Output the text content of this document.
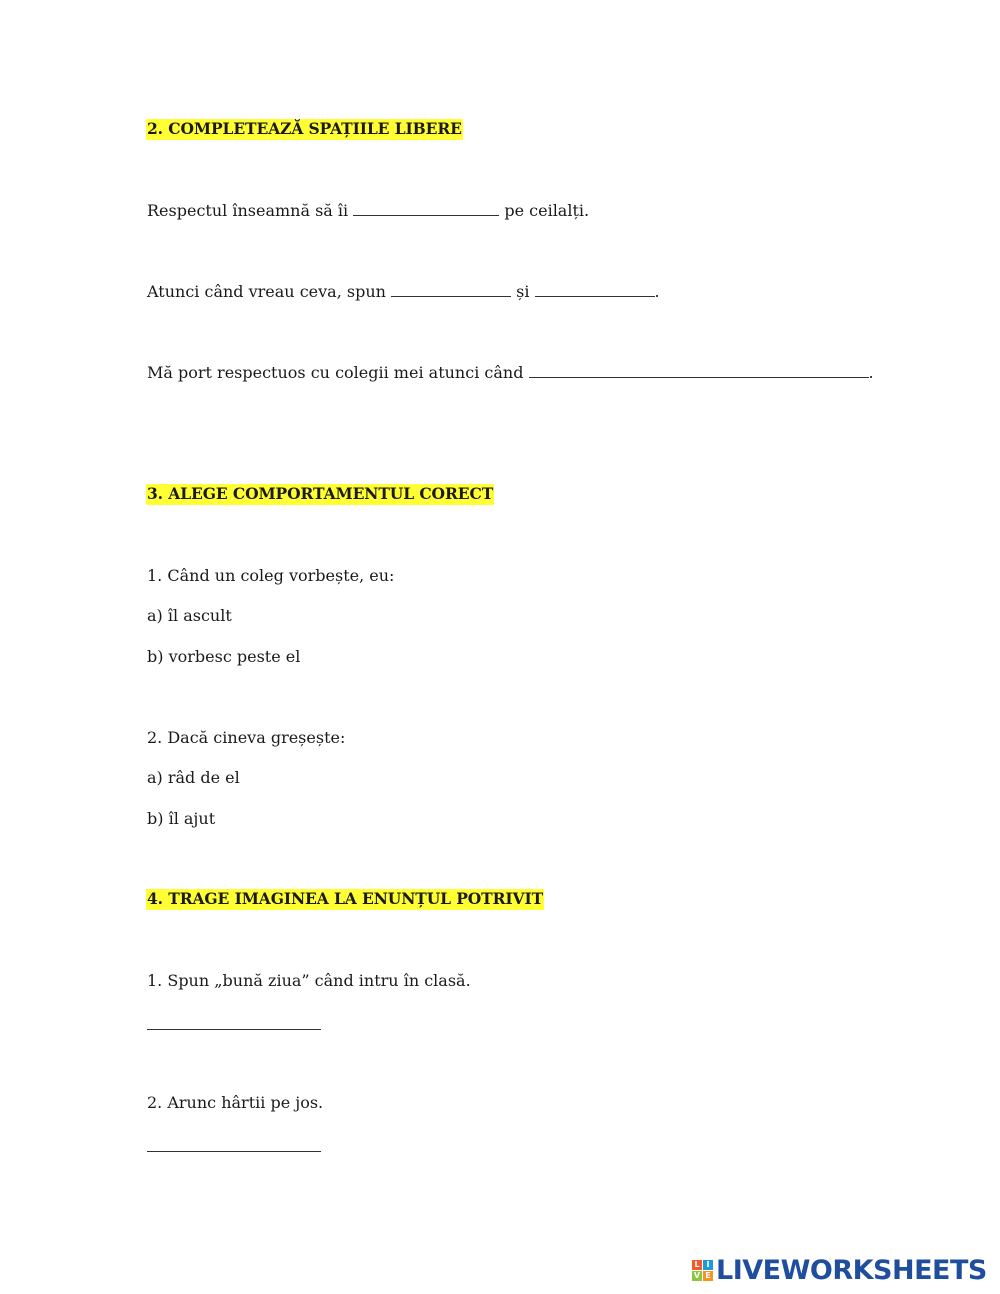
2. COMPLETEAZĂ SPAȚIILE LIBERE
Respectul înseamnă să îi	pe ceilalți.
Atunci când vreau ceva, spun	și	.
Mă port respectuos cu colegii mei atunci când	.
3. ALEGE COMPORTAMENTUL CORECT
1. Când un coleg vorbește, eu:
a) îl ascult
b) vorbesc peste el
2. Dacă cineva greșește:
a) râd de el
b) îl ajut
4. TRAGE IMAGINEA LA ENUNȚUL POTRIVIT
1. Spun „bună ziua” când intru în clasă.
2. Arunc hârtii pe jos.
L I
V E LIVEWORKSHEETS
